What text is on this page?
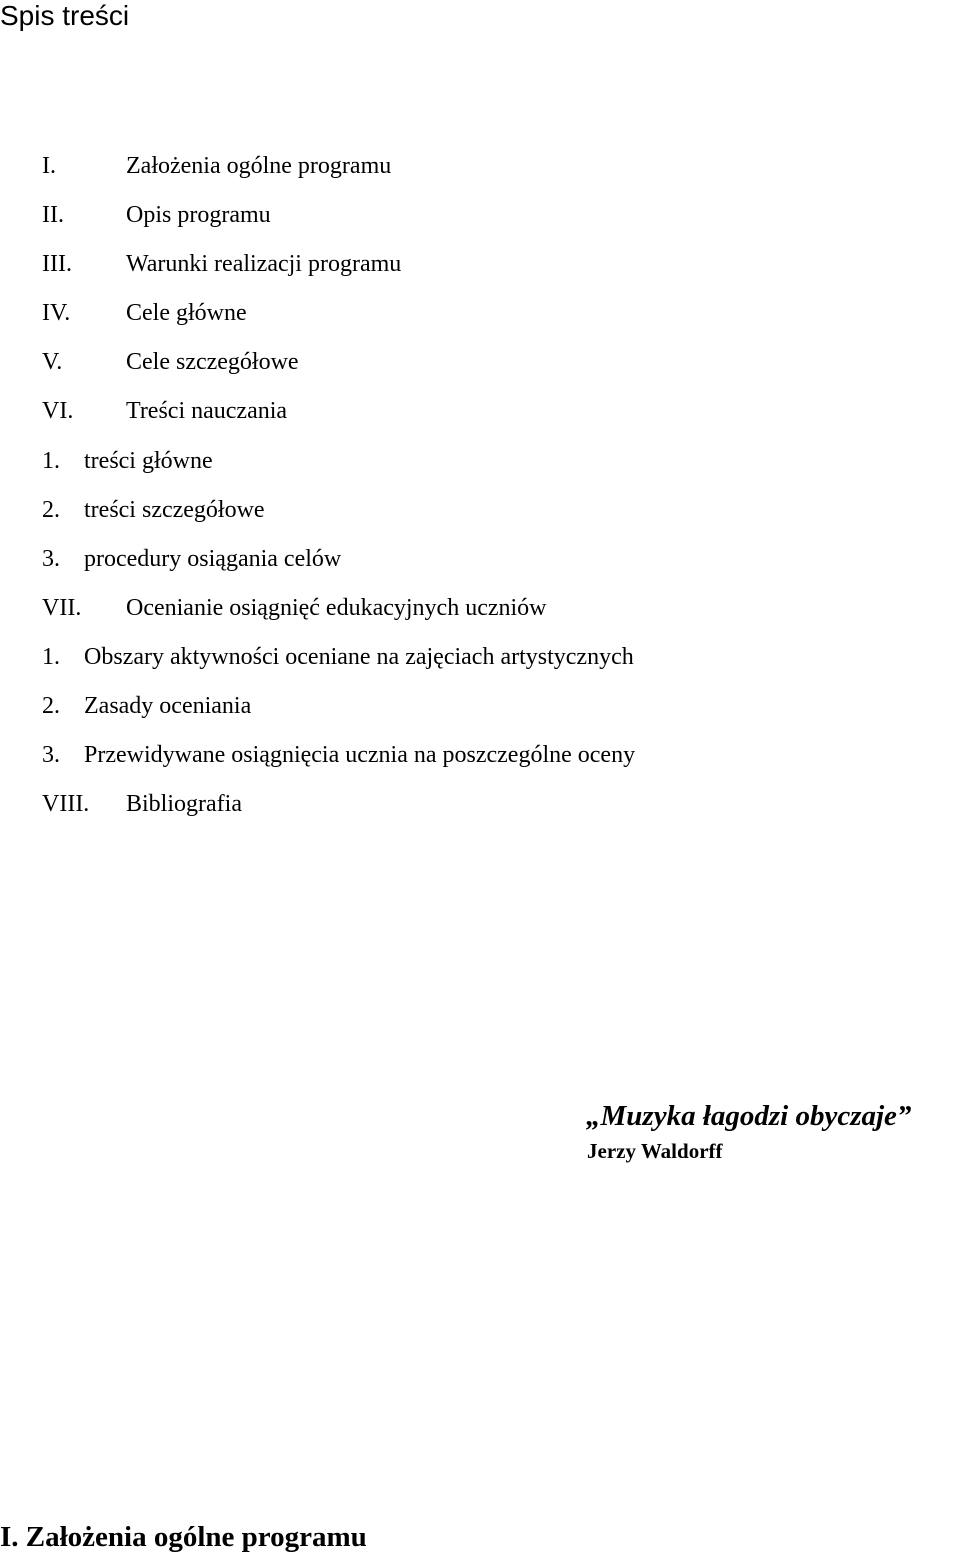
Spis treści
I.	Założenia ogólne programu
II.	Opis programu
III. Warunki realizacji programu
IV. Cele główne
V.	Cele szczegółowe
VI. Treści nauczania
1. treści główne
2. treści szczegółowe
3. procedury osiągania celów
VII. Ocenianie osiągnięć edukacyjnych uczniów
1. Obszary aktywności oceniane na zajęciach artystycznych
2. Zasady oceniania
3. Przewidywane osiągnięcia ucznia na poszczególne oceny
VIII. Bibliografia

„Muzyka łagodzi obyczaje”

Jerzy Waldorff

I. Założenia ogólne programu
